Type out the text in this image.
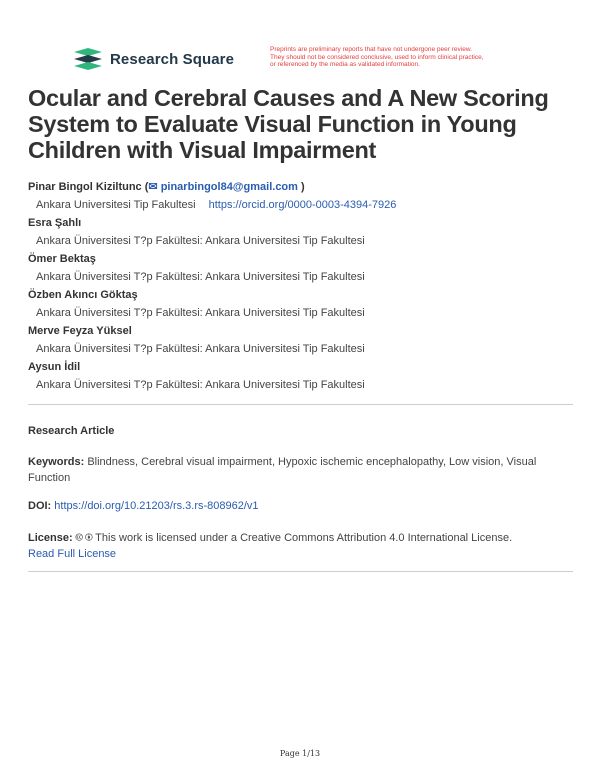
Research Square
Preprints are preliminary reports that have not undergone peer review.
They should not be considered conclusive, used to inform clinical practice,
or referenced by the media as validated information.
Ocular and Cerebral Causes and A New Scoring System to Evaluate Visual Function in Young Children with Visual Impairment
Pinar Bingol Kiziltunc (✉ pinarbingol84@gmail.com )
Ankara Universitesi Tip Fakultesi https://orcid.org/0000-0003-4394-7926
Esra Şahlı
Ankara Üniversitesi T?p Fakültesi: Ankara Universitesi Tip Fakultesi
Ömer Bektaş
Ankara Üniversitesi T?p Fakültesi: Ankara Universitesi Tip Fakultesi
Özben Akıncı Göktaş
Ankara Üniversitesi T?p Fakültesi: Ankara Universitesi Tip Fakultesi
Merve Feyza Yüksel
Ankara Üniversitesi T?p Fakültesi: Ankara Universitesi Tip Fakultesi
Aysun İdil
Ankara Üniversitesi T?p Fakültesi: Ankara Universitesi Tip Fakultesi
Research Article
Keywords: Blindness, Cerebral visual impairment, Hypoxic ischemic encephalopathy, Low vision, Visual Function
DOI: https://doi.org/10.21203/rs.3.rs-808962/v1
License: 🅭 🅯 This work is licensed under a Creative Commons Attribution 4.0 International License.
Read Full License
Page 1/13
